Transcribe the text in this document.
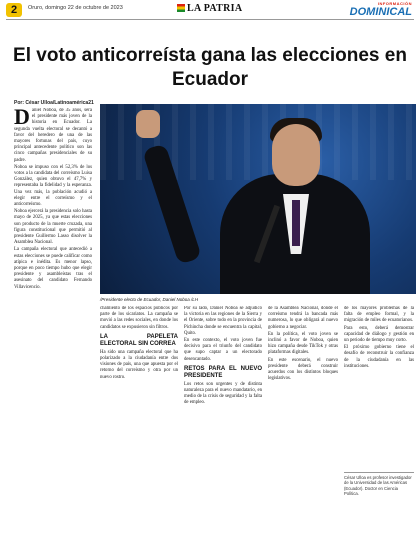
2	Oruro, domingo 22 de octubre de 2023	LA PATRIA	INFORMACIÓN
DOMINICAL
El voto anticorreísta gana las elecciones en Ecuador
Por: César Ulloa/Latinoamérica21
/Presidente electo de Ecuador, Daniel Noboa /LH

Daniel Noboa, de 35 años, será el presidente más joven de la historia en Ecuador. La segunda vuelta electoral se decantó a favor del heredero de una de las mayores fortunas del país, cuyo principal antecedente político son las cinco campañas presidenciales de su padre.

Noboa se impuso con el 52,3% de los votos a la candidata del correísmo Luisa González, quien obtuvo el 47,7% y representaba la fidelidad y la esperanza. Una vez más, la población acudió a elegir entre el correísmo y el anticorreísmo.

Noboa ejercerá la presidencia solo hasta mayo de 2025, ya que estas elecciones son producto de la muerte cruzada, una figura constitucional que permitió al presidente Guillermo Lasso disolver la Asamblea Nacional.

La campaña electoral que antecedió a estas elecciones se puede calificar como atípica e inédita. Es menor lapso, porque en poco tiempo hubo que elegir presidente y asambleístas tras el asesinato del candidato Fernando Villavicencio.

chamiento de los espacios públicos por parte de los sicariatos. La campaña se movió a las redes sociales, en donde los candidatos se expusieron sin filtros.

LA PAPELETA ELECTORAL SIN CORREA

Ha sido una campaña electoral que ha polarizado a la ciudadanía entre dos visiones de país, una que apuesta por el retorno del correísmo y otra por un nuevo rostro.

Por su lado, Daniel Noboa se adjudicó la victoria en las regiones de la Sierra y el Oriente, sobre todo en la provincia de Pichincha donde se encuentra la capital, Quito.

En este contexto, el voto joven fue decisivo para el triunfo del candidato que supo captar a un electorado desencantado.

RETOS PARA EL NUEVO PRESIDENTE

Los retos son urgentes y de distinta naturaleza para el nuevo mandatario, en medio de la crisis de seguridad y la falta de empleo.

de la Asamblea Nacional, donde el correísmo tendrá la bancada más numerosa, lo que obligará al nuevo gobierno a negociar.

En la política, el voto joven se inclinó a favor de Noboa, quien hizo campaña desde TikTok y otras plataformas digitales.

En este escenario, el nuevo presidente deberá construir acuerdos con los distintos bloques legislativos.

de los mayores problemas de la falta de empleo formal, y la migración de miles de ecuatorianos.

Para esto, deberá demostrar capacidad de diálogo y gestión en un periodo de tiempo muy corto.

El próximo gobierno tiene el desafío de reconstruir la confianza de la ciudadanía en las instituciones.

César Ulloa es profesor investigador de la Universidad de las Américas (Ecuador). Doctor en Ciencia Política.
